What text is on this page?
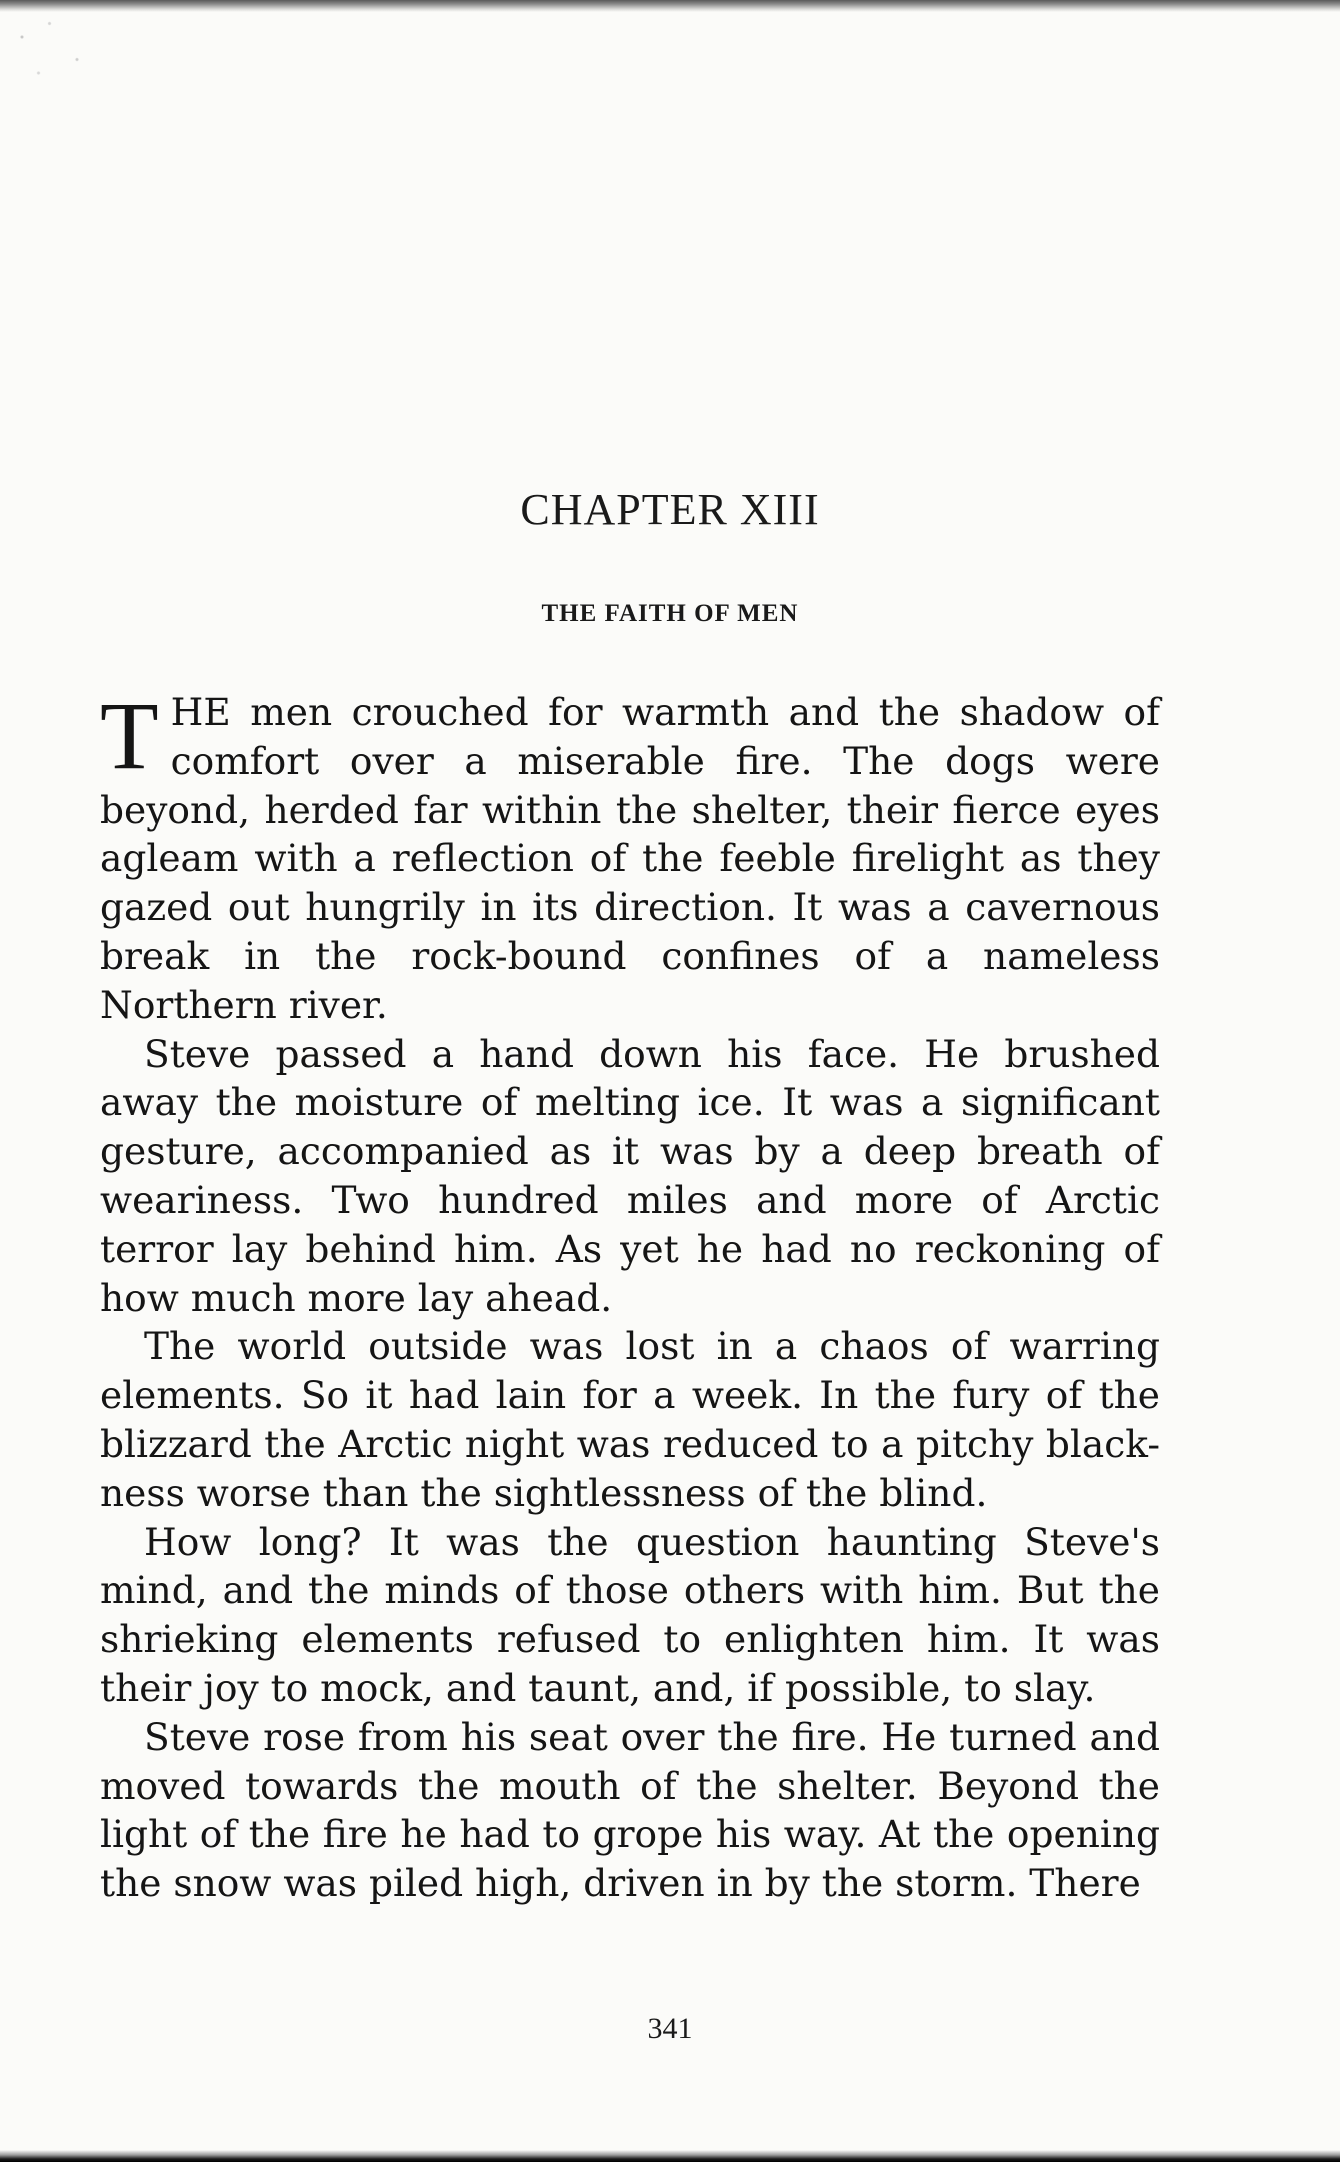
CHAPTER XIII
THE FAITH OF MEN

THE men crouched for warmth and the shadow of comfort over a miserable fire. The dogs were beyond, herded far within the shelter, their fierce eyes agleam with a reflection of the feeble firelight as they gazed out hungrily in its direction. It was a cavernous break in the rock-bound confines of a nameless Northern river.

Steve passed a hand down his face. He brushed away the moisture of melting ice. It was a significant gesture, accompanied as it was by a deep breath of weariness. Two hundred miles and more of Arctic terror lay behind him. As yet he had no reckoning of how much more lay ahead.

The world outside was lost in a chaos of warring elements. So it had lain for a week. In the fury of the blizzard the Arctic night was reduced to a pitchy black-ness worse than the sightlessness of the blind.

How long? It was the question haunting Steve's mind, and the minds of those others with him. But the shrieking elements refused to enlighten him. It was their joy to mock, and taunt, and, if possible, to slay.

Steve rose from his seat over the fire. He turned and moved towards the mouth of the shelter. Beyond the light of the fire he had to grope his way. At the opening the snow was piled high, driven in by the storm. There

341
